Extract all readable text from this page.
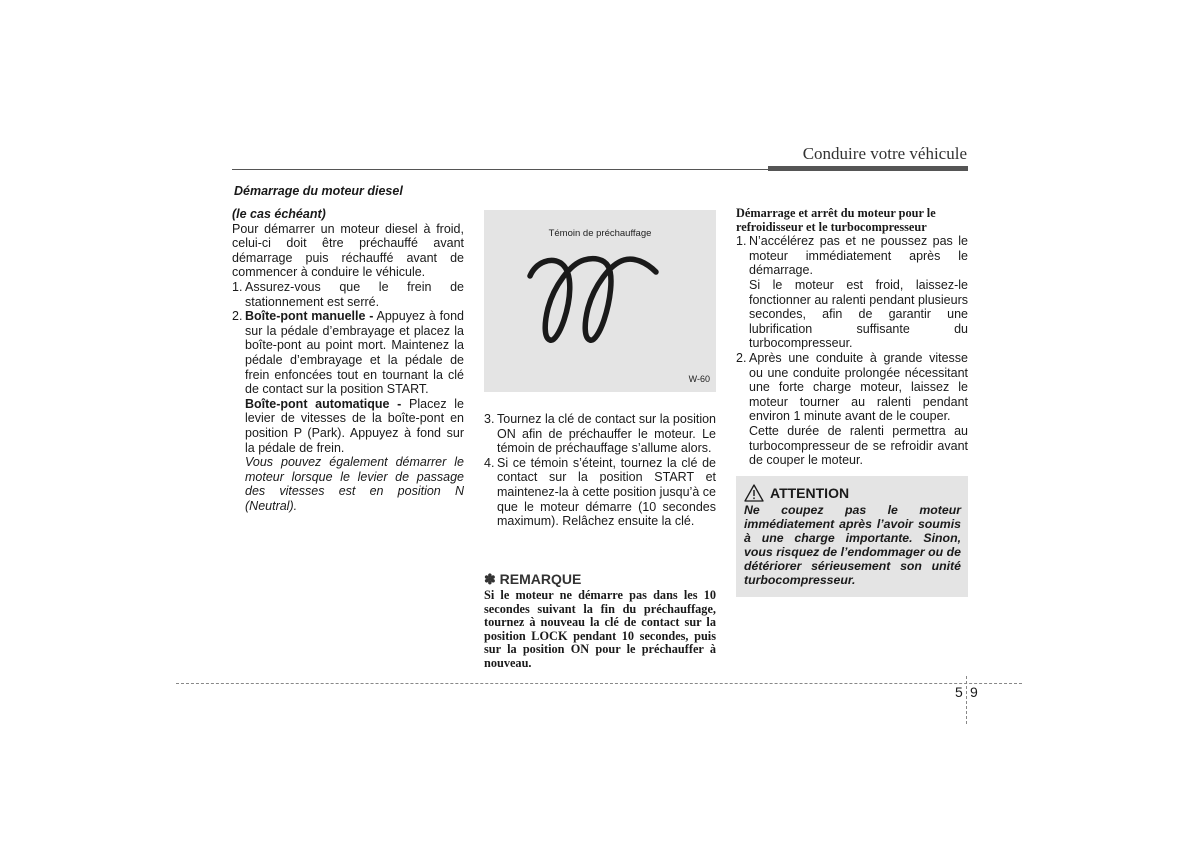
Conduire votre véhicule
Démarrage du moteur diesel

(le cas échéant)

Pour démarrer un moteur diesel à froid, celui-ci doit être préchauffé avant démarrage puis réchauffé avant de commencer à conduire le véhicule.

1. Assurez-vous que le frein de stationnement est serré.
2. Boîte-pont manuelle - Appuyez à fond sur la pédale d’embrayage et placez la boîte-pont au point mort. Maintenez la pédale d’embrayage et la pédale de frein enfoncées tout en tournant la clé de contact sur la position START.

Boîte-pont automatique - Placez le levier de vitesses de la boîte-pont en position P (Park). Appuyez à fond sur la pédale de frein.

Vous pouvez également démarrer le moteur lorsque le levier de passage des vitesses est en position N (Neutral).

Témoin de préchauffage
W-60
3. Tournez la clé de contact sur la position ON afin de préchauffer le moteur. Le témoin de préchauffage s’allume alors.
4. Si ce témoin s’éteint, tournez la clé de contact sur la position START et maintenez-la à cette position jusqu’à ce que le moteur démarre (10 secondes maximum). Relâchez ensuite la clé.
✽ REMARQUE
Si le moteur ne démarre pas dans les 10 secondes suivant la fin du préchauffage, tournez à nouveau la clé de contact sur la position LOCK pendant 10 secondes, puis sur la position ON pour le préchauffer à nouveau.

Démarrage et arrêt du moteur pour le refroidisseur et le turbocompresseur

1. N’accélérez pas et ne poussez pas le moteur immédiatement après le démarrage.

Si le moteur est froid, laissez-le fonctionner au ralenti pendant plusieurs secondes, afin de garantir une lubrification suffisante du turbocompresseur.

2. Après une conduite à grande vitesse ou une conduite prolongée nécessitant une forte charge moteur, laissez le moteur tourner au ralenti pendant environ 1 minute avant de le couper.

Cette durée de ralenti permettra au turbocompresseur de se refroidir avant de couper le moteur.

ATTENTION
Ne coupez pas le moteur immédiatement après l’avoir soumis à une charge importante. Sinon, vous risquez de l’endommager ou de détériorer sérieusement son unité turbocompresseur.
5 9
